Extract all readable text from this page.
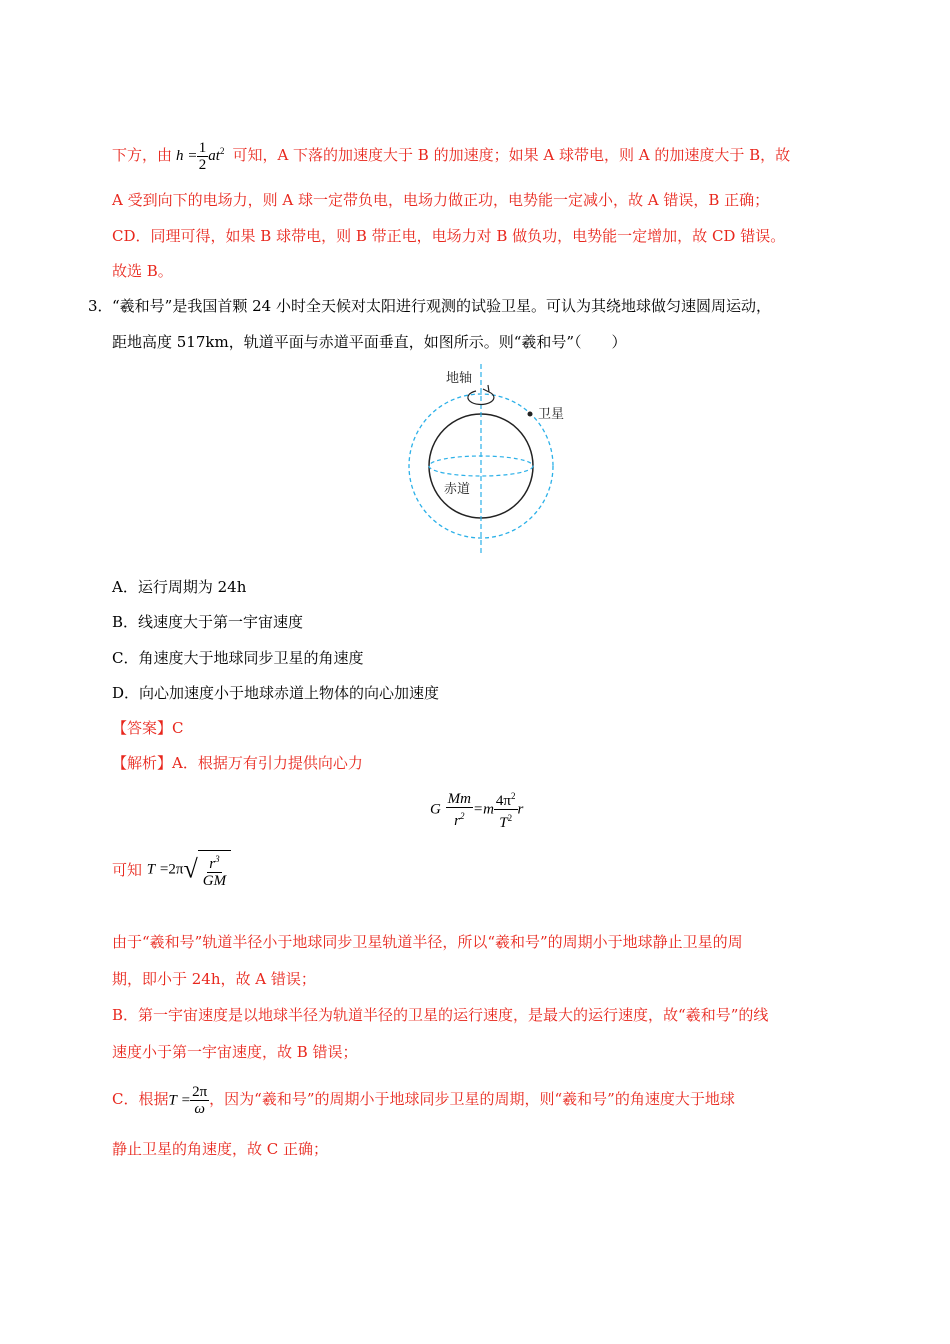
下方，由 $h = \frac{1}{2} at^2$ 可知，A 下落的加速度大于 B 的加速度；如果 A 球带电，则 A 的加速度大于 B，故
A 受到向下的电场力，则 A 球一定带负电，电场力做正功，电势能一定减小，故 A 错误，B 正确；
CD．同理可得，如果 B 球带电，则 B 带正电，电场力对 B 做负功，电势能一定增加，故 CD 错误。
故选 B。
3． “羲和号”是我国首颗 24 小时全天候对太阳进行观测的试验卫星。可认为其绕地球做匀速圆周运动，
距地高度 517km，轨道平面与赤道平面垂直，如图所示。则“羲和号”（　　）
地轴
卫星
赤道
A．运行周期为 24h
B．线速度大于第一宇宙速度
C．角速度大于地球同步卫星的角速度
D．向心加速度小于地球赤道上物体的向心加速度
【答案】C
【解析】A．根据万有引力提供向心力
G $\frac{Mm}{r^2} =m \frac{4\pi^2}{T^2}$ r
可知 $T =2\pi√ \frac{r^3}{GM}$
由于“羲和号”轨道半径小于地球同步卫星轨道半径，所以“羲和号”的周期小于地球静止卫星的周
期，即小于 24h，故 A 错误；
B．第一宇宙速度是以地球半径为轨道半径的卫星的运行速度，是最大的运行速度，故“羲和号”的线
速度小于第一宇宙速度，故 B 错误；
C．根据$T = \frac{2\pi}{\omega}$ ，因为“羲和号”的周期小于地球同步卫星的周期，则“羲和号”的角速度大于地球
静止卫星的角速度，故 C 正确；
